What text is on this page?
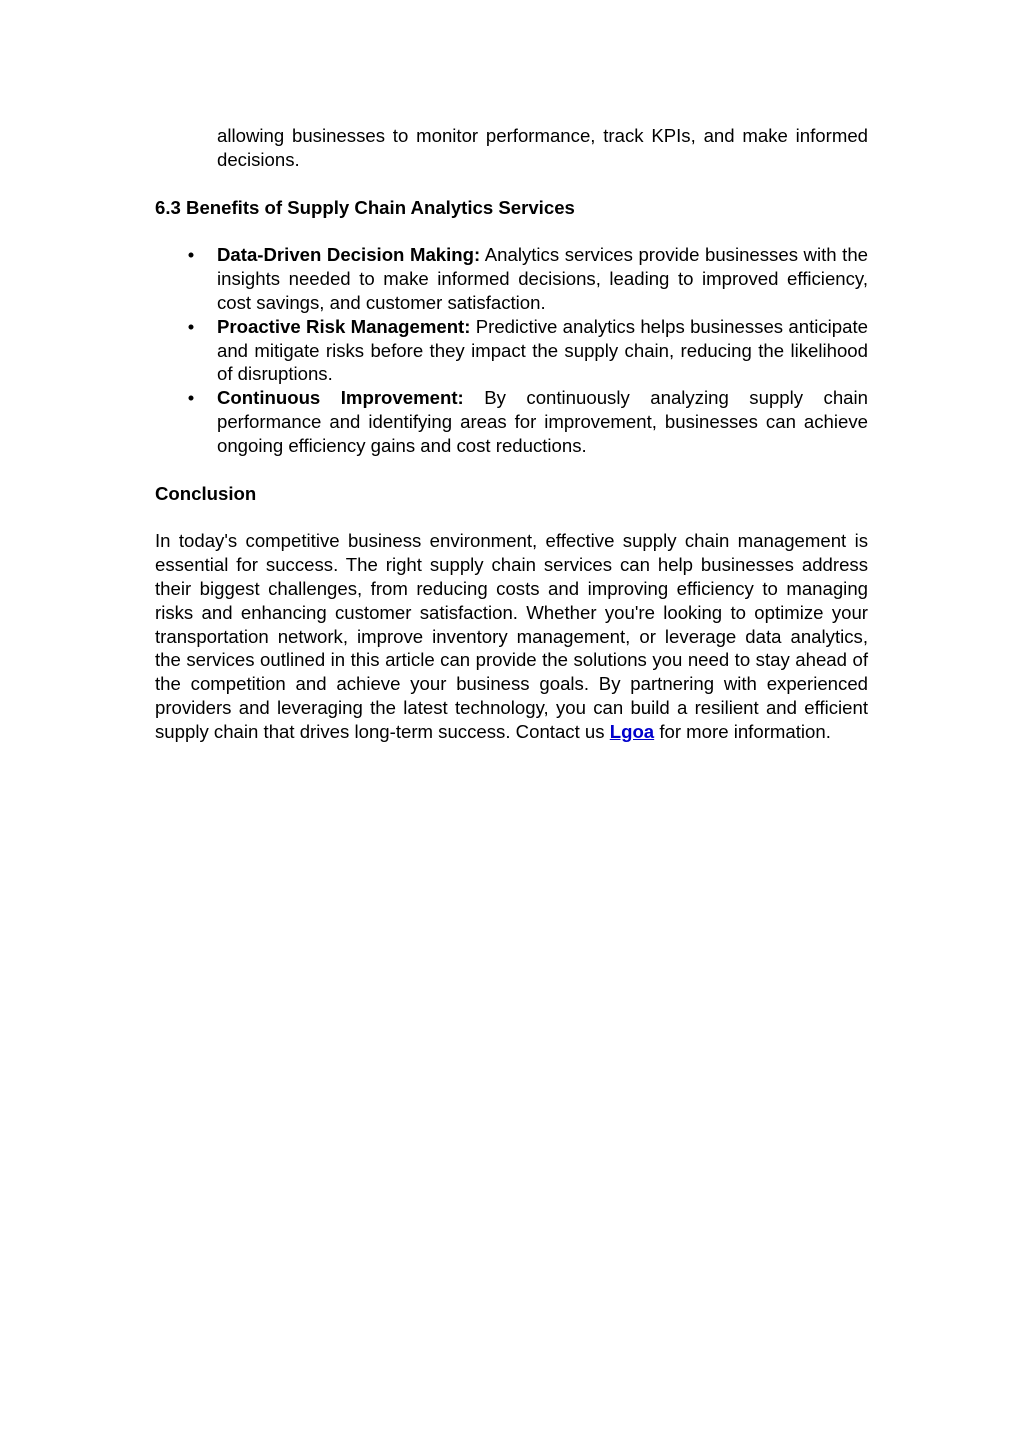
allowing businesses to monitor performance, track KPIs, and make informed decisions.

6.3 Benefits of Supply Chain Analytics Services

• Data-Driven Decision Making: Analytics services provide businesses with the insights needed to make informed decisions, leading to improved efficiency, cost savings, and customer satisfaction.
• Proactive Risk Management: Predictive analytics helps businesses anticipate and mitigate risks before they impact the supply chain, reducing the likelihood of disruptions.
• Continuous Improvement: By continuously analyzing supply chain performance and identifying areas for improvement, businesses can achieve ongoing efficiency gains and cost reductions.

Conclusion

In today's competitive business environment, effective supply chain management is essential for success. The right supply chain services can help businesses address their biggest challenges, from reducing costs and improving efficiency to managing risks and enhancing customer satisfaction. Whether you're looking to optimize your transportation network, improve inventory management, or leverage data analytics, the services outlined in this article can provide the solutions you need to stay ahead of the competition and achieve your business goals. By partnering with experienced providers and leveraging the latest technology, you can build a resilient and efficient supply chain that drives long-term success. Contact us Lgoa for more information.
